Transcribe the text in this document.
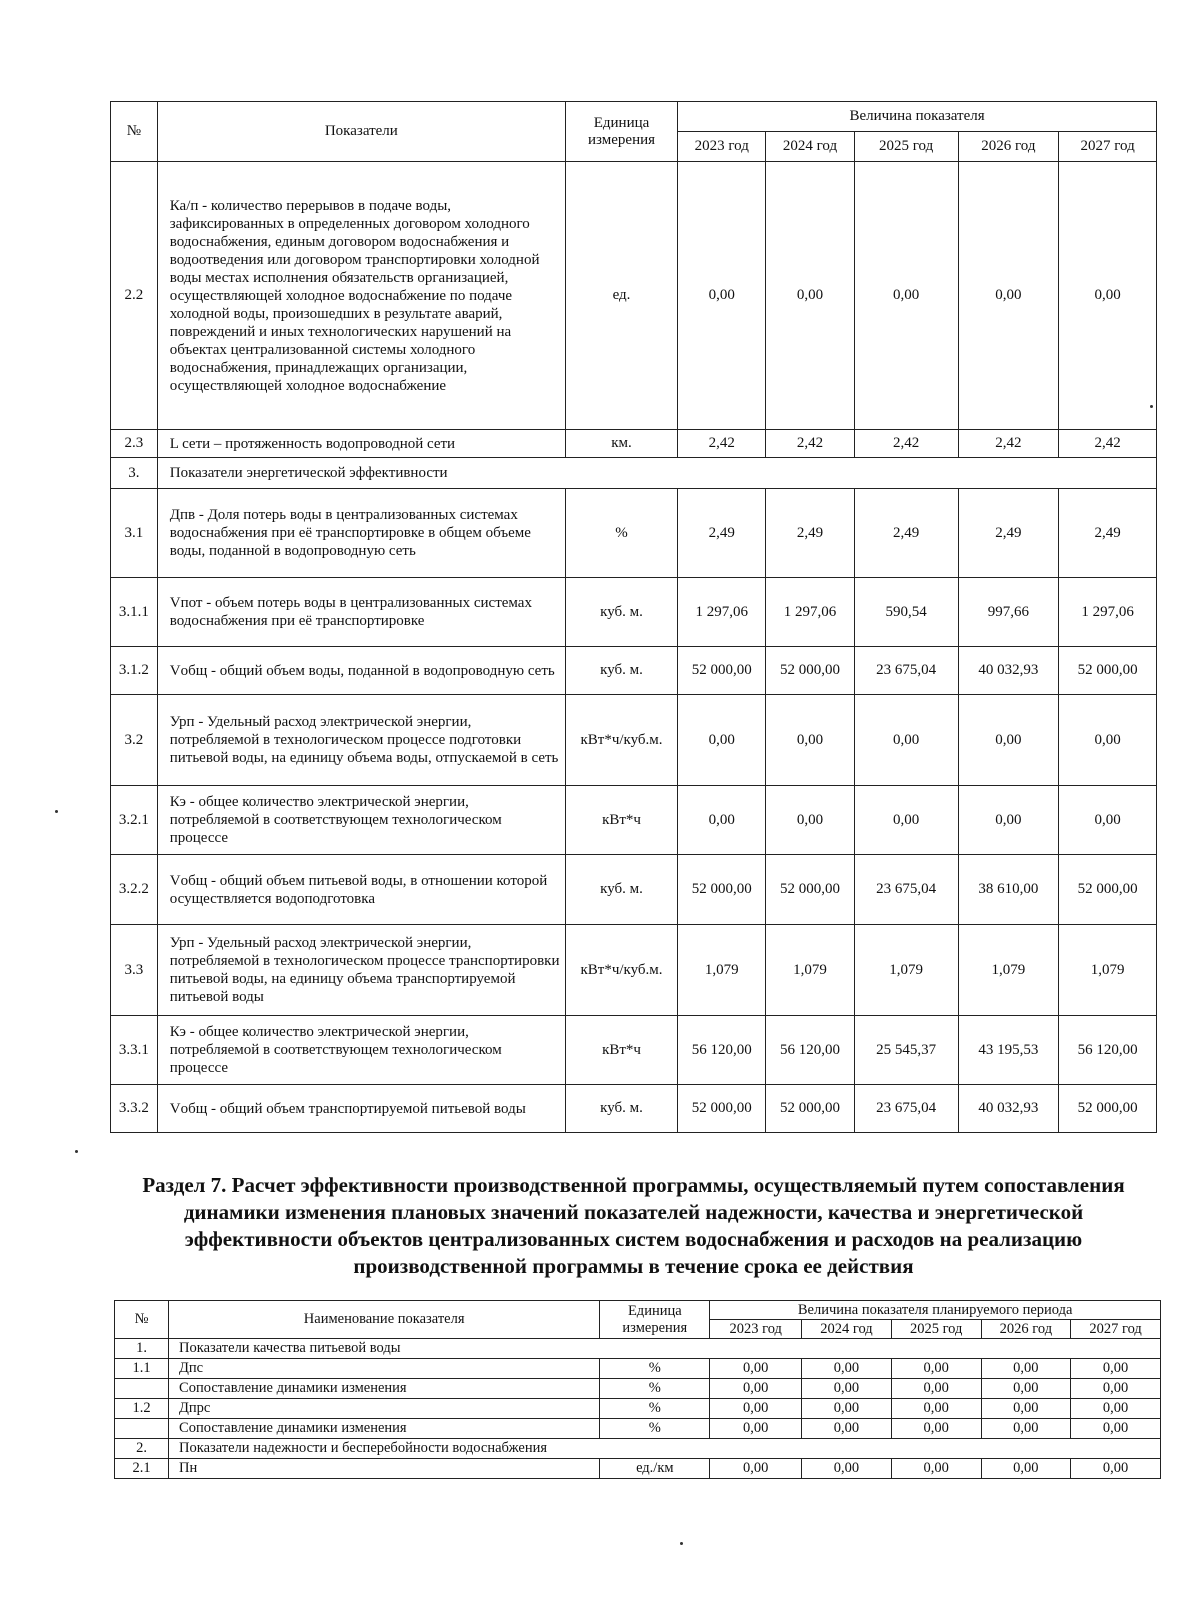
№	Показатели	Единица измерения	Величина показателя				
			2023 год	2024 год	2025 год	2026 год	2027 год
2.2	Ка/п - количество перерывов в подаче воды, зафиксированных в определенных договором холодного водоснабжения, единым договором водоснабжения и водоотведения или договором транспортировки холодной воды местах исполнения обязательств организацией, осуществляющей холодное водоснабжение по подаче холодной воды, произошедших в результате аварий, повреждений и иных технологических нарушений на объектах централизованной системы холодного водоснабжения, принадлежащих организации, осуществляющей холодное водоснабжение	ед.	0,00	0,00	0,00	0,00	0,00
2.3	L сети – протяженность водопроводной сети	км.	2,42	2,42	2,42	2,42	2,42
3.	Показатели энергетической эффективности						
3.1	Дпв - Доля потерь воды в централизованных системах водоснабжения при её транспортировке в общем объеме воды, поданной в водопроводную сеть	%	2,49	2,49	2,49	2,49	2,49
3.1.1	Vпот - объем потерь воды в централизованных системах водоснабжения при её транспортировке	куб. м.	1 297,06	1 297,06	590,54	997,66	1 297,06
3.1.2	Vобщ - общий объем воды, поданной в водопроводную сеть	куб. м.	52 000,00	52 000,00	23 675,04	40 032,93	52 000,00
3.2	Урп - Удельный расход электрической энергии, потребляемой в технологическом процессе подготовки питьевой воды, на единицу объема воды, отпускаемой в сеть	кВт*ч/куб.м.	0,00	0,00	0,00	0,00	0,00
3.2.1	Кэ - общее количество электрической энергии, потребляемой в соответствующем технологическом процессе	кВт*ч	0,00	0,00	0,00	0,00	0,00
3.2.2	Vобщ - общий объем питьевой воды, в отношении которой осуществляется водоподготовка	куб. м.	52 000,00	52 000,00	23 675,04	38 610,00	52 000,00
3.3	Урп - Удельный расход электрической энергии, потребляемой в технологическом процессе транспортировки питьевой воды, на единицу объема транспортируемой питьевой воды	кВт*ч/куб.м.	1,079	1,079	1,079	1,079	1,079
3.3.1	Кэ - общее количество электрической энергии, потребляемой в соответствующем технологическом процессе	кВт*ч	56 120,00	56 120,00	25 545,37	43 195,53	56 120,00
3.3.2	Vобщ - общий объем транспортируемой питьевой воды	куб. м.	52 000,00	52 000,00	23 675,04	40 032,93	52 000,00
Раздел 7. Расчет эффективности производственной программы, осуществляемый путем сопоставления динамики изменения плановых значений показателей надежности, качества и энергетической эффективности объектов централизованных систем водоснабжения и расходов на реализацию производственной программы в течение срока ее действия
№	Наименование показателя	Единица измерения	Величина показателя планируемого периода				
			2023 год	2024 год	2025 год	2026 год	2027 год
1.	Показатели качества питьевой воды						
1.1	Дпс	%	0,00	0,00	0,00	0,00	0,00
	Сопоставление динамики изменения	%	0,00	0,00	0,00	0,00	0,00
1.2	Дпрс	%	0,00	0,00	0,00	0,00	0,00
	Сопоставление динамики изменения	%	0,00	0,00	0,00	0,00	0,00
2.	Показатели надежности и бесперебойности водоснабжения						
2.1	Пн	ед./км	0,00	0,00	0,00	0,00	0,00
